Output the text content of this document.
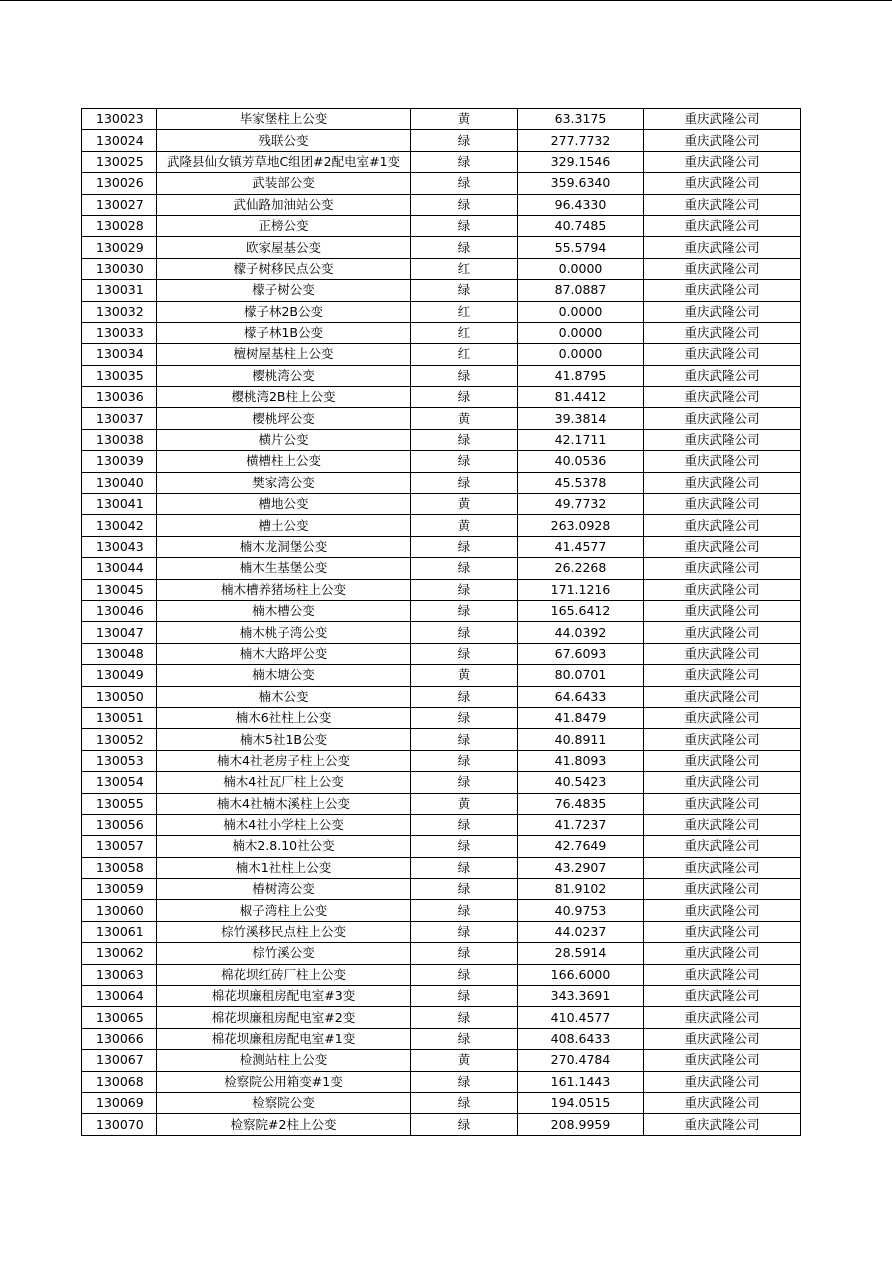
130023	毕家堡柱上公变	黄	63.3175	重庆武隆公司
130024	残联公变	绿	277.7732	重庆武隆公司
130025	武隆县仙女镇芳草地C组团#2配电室#1变	绿	329.1546	重庆武隆公司
130026	武装部公变	绿	359.6340	重庆武隆公司
130027	武仙路加油站公变	绿	96.4330	重庆武隆公司
130028	正榜公变	绿	40.7485	重庆武隆公司
130029	欧家屋基公变	绿	55.5794	重庆武隆公司
130030	檬子树移民点公变	红	0.0000	重庆武隆公司
130031	檬子树公变	绿	87.0887	重庆武隆公司
130032	檬子林2B公变	红	0.0000	重庆武隆公司
130033	檬子林1B公变	红	0.0000	重庆武隆公司
130034	檀树屋基柱上公变	红	0.0000	重庆武隆公司
130035	樱桃湾公变	绿	41.8795	重庆武隆公司
130036	樱桃湾2B柱上公变	绿	81.4412	重庆武隆公司
130037	樱桃坪公变	黄	39.3814	重庆武隆公司
130038	横片公变	绿	42.1711	重庆武隆公司
130039	横槽柱上公变	绿	40.0536	重庆武隆公司
130040	樊家湾公变	绿	45.5378	重庆武隆公司
130041	槽地公变	黄	49.7732	重庆武隆公司
130042	槽土公变	黄	263.0928	重庆武隆公司
130043	楠木龙洞堡公变	绿	41.4577	重庆武隆公司
130044	楠木生基堡公变	绿	26.2268	重庆武隆公司
130045	楠木槽养猪场柱上公变	绿	171.1216	重庆武隆公司
130046	楠木槽公变	绿	165.6412	重庆武隆公司
130047	楠木桃子湾公变	绿	44.0392	重庆武隆公司
130048	楠木大路坪公变	绿	67.6093	重庆武隆公司
130049	楠木塘公变	黄	80.0701	重庆武隆公司
130050	楠木公变	绿	64.6433	重庆武隆公司
130051	楠木6社柱上公变	绿	41.8479	重庆武隆公司
130052	楠木5社1B公变	绿	40.8911	重庆武隆公司
130053	楠木4社老房子柱上公变	绿	41.8093	重庆武隆公司
130054	楠木4社瓦厂柱上公变	绿	40.5423	重庆武隆公司
130055	楠木4社楠木溪柱上公变	黄	76.4835	重庆武隆公司
130056	楠木4社小学柱上公变	绿	41.7237	重庆武隆公司
130057	楠木2.8.10社公变	绿	42.7649	重庆武隆公司
130058	楠木1社柱上公变	绿	43.2907	重庆武隆公司
130059	椿树湾公变	绿	81.9102	重庆武隆公司
130060	椒子湾柱上公变	绿	40.9753	重庆武隆公司
130061	棕竹溪移民点柱上公变	绿	44.0237	重庆武隆公司
130062	棕竹溪公变	绿	28.5914	重庆武隆公司
130063	棉花坝红砖厂柱上公变	绿	166.6000	重庆武隆公司
130064	棉花坝廉租房配电室#3变	绿	343.3691	重庆武隆公司
130065	棉花坝廉租房配电室#2变	绿	410.4577	重庆武隆公司
130066	棉花坝廉租房配电室#1变	绿	408.6433	重庆武隆公司
130067	检测站柱上公变	黄	270.4784	重庆武隆公司
130068	检察院公用箱变#1变	绿	161.1443	重庆武隆公司
130069	检察院公变	绿	194.0515	重庆武隆公司
130070	检察院#2柱上公变	绿	208.9959	重庆武隆公司
